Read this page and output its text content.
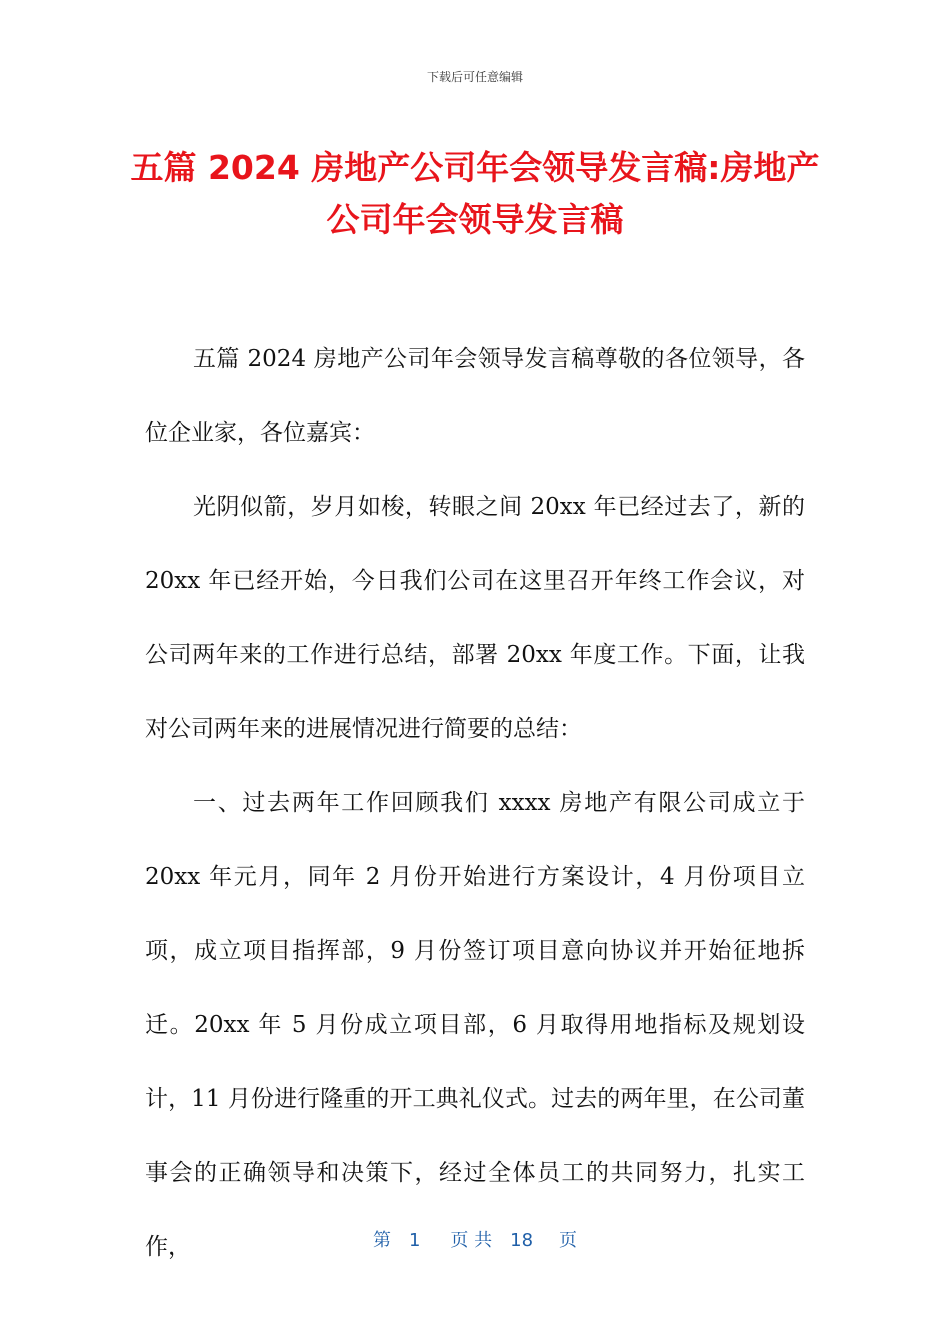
下载后可任意编辑
五篇 2024 房地产公司年会领导发言稿:房地产公司年会领导发言稿

五篇 2024 房地产公司年会领导发言稿尊敬的各位领导，各位企业家，各位嘉宾：

光阴似箭，岁月如梭，转眼之间 20xx 年已经过去了，新的 20xx 年已经开始，今日我们公司在这里召开年终工作会议，对公司两年来的工作进行总结，部署 20xx 年度工作。下面，让我对公司两年来的进展情况进行简要的总结：

一、过去两年工作回顾我们 xxxx 房地产有限公司成立于 20xx 年元月，同年 2 月份开始进行方案设计，4 月份项目立项，成立项目指挥部，9 月份签订项目意向协议并开始征地拆迁。20xx 年 5 月份成立项目部，6 月取得用地指标及规划设计，11 月份进行隆重的开工典礼仪式。过去的两年里，在公司董事会的正确领导和决策下，经过全体员工的共同努力，扎实工作，	第 1 页 共 18 页
